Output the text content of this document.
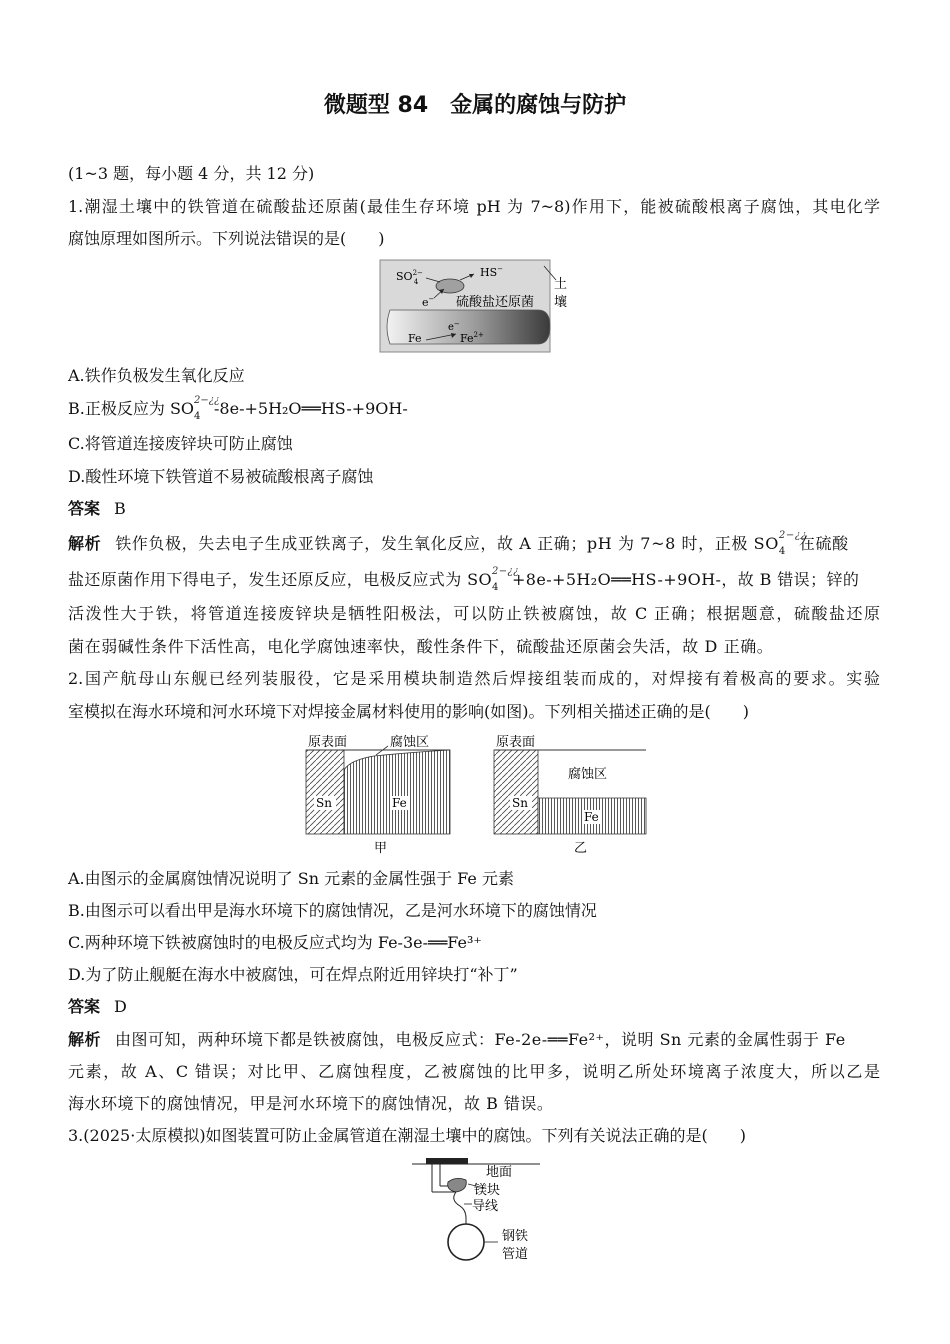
微题型 84　金属的腐蚀与防护
(1~3 题，每小题 4 分，共 12 分)
1.潮湿土壤中的铁管道在硫酸盐还原菌(最佳生存环境 pH 为 7~8)作用下，能被硫酸根离子腐蚀，其电化学
腐蚀原理如图所示。下列说法错误的是(　　)
$SO^{2-}$ 4
HS−
e− 硫酸盐还原菌
土
壤
Fe
e−
$Fe^{2+}$
A.铁作负极发生氧化反应
B.正极反应为 SO 2−¿¿
4 -8e-+5H₂O══HS-+9OH-
C.将管道连接废锌块可防止腐蚀
D.酸性环境下铁管道不易被硫酸根离子腐蚀
答案 B
解析 铁作负极，失去电子生成亚铁离子，发生氧化反应，故 A 正确；pH 为 7~8 时，正极 SO 2−¿¿
4 在硫酸
盐还原菌作用下得电子，发生还原反应，电极反应式为 SO 2−¿¿
4 +8e-+5H₂O══HS-+9OH-，故 B 错误；锌的
活泼性大于铁，将管道连接废锌块是牺牲阳极法，可以防止铁被腐蚀，故 C 正确；根据题意，硫酸盐还原
菌在弱碱性条件下活性高，电化学腐蚀速率快，酸性条件下，硫酸盐还原菌会失活，故 D 正确。
2.国产航母山东舰已经列装服役，它是采用模块制造然后焊接组装而成的，对焊接有着极高的要求。实验
室模拟在海水环境和河水环境下对焊接金属材料使用的影响(如图)。下列相关描述正确的是(　　)
原表面	腐蚀区
Sn	Fe
甲
原表面
腐蚀区
Sn
Fe
乙
A.由图示的金属腐蚀情况说明了 Sn 元素的金属性强于 Fe 元素
B.由图示可以看出甲是海水环境下的腐蚀情况，乙是河水环境下的腐蚀情况
C.两种环境下铁被腐蚀时的电极反应式均为 Fe-3e-══Fe³⁺
D.为了防止舰艇在海水中被腐蚀，可在焊点附近用锌块打“补丁”
答案 D
解析 由图可知，两种环境下都是铁被腐蚀，电极反应式：Fe-2e-══Fe²⁺，说明 Sn 元素的金属性弱于 Fe
元素，故 A、C 错误；对比甲、乙腐蚀程度，乙被腐蚀的比甲多，说明乙所处环境离子浓度大，所以乙是
海水环境下的腐蚀情况，甲是河水环境下的腐蚀情况，故 B 错误。
3.(2025·太原模拟)如图装置可防止金属管道在潮湿土壤中的腐蚀。下列有关说法正确的是(　　)
地面
镁块
导线
钢铁
管道
